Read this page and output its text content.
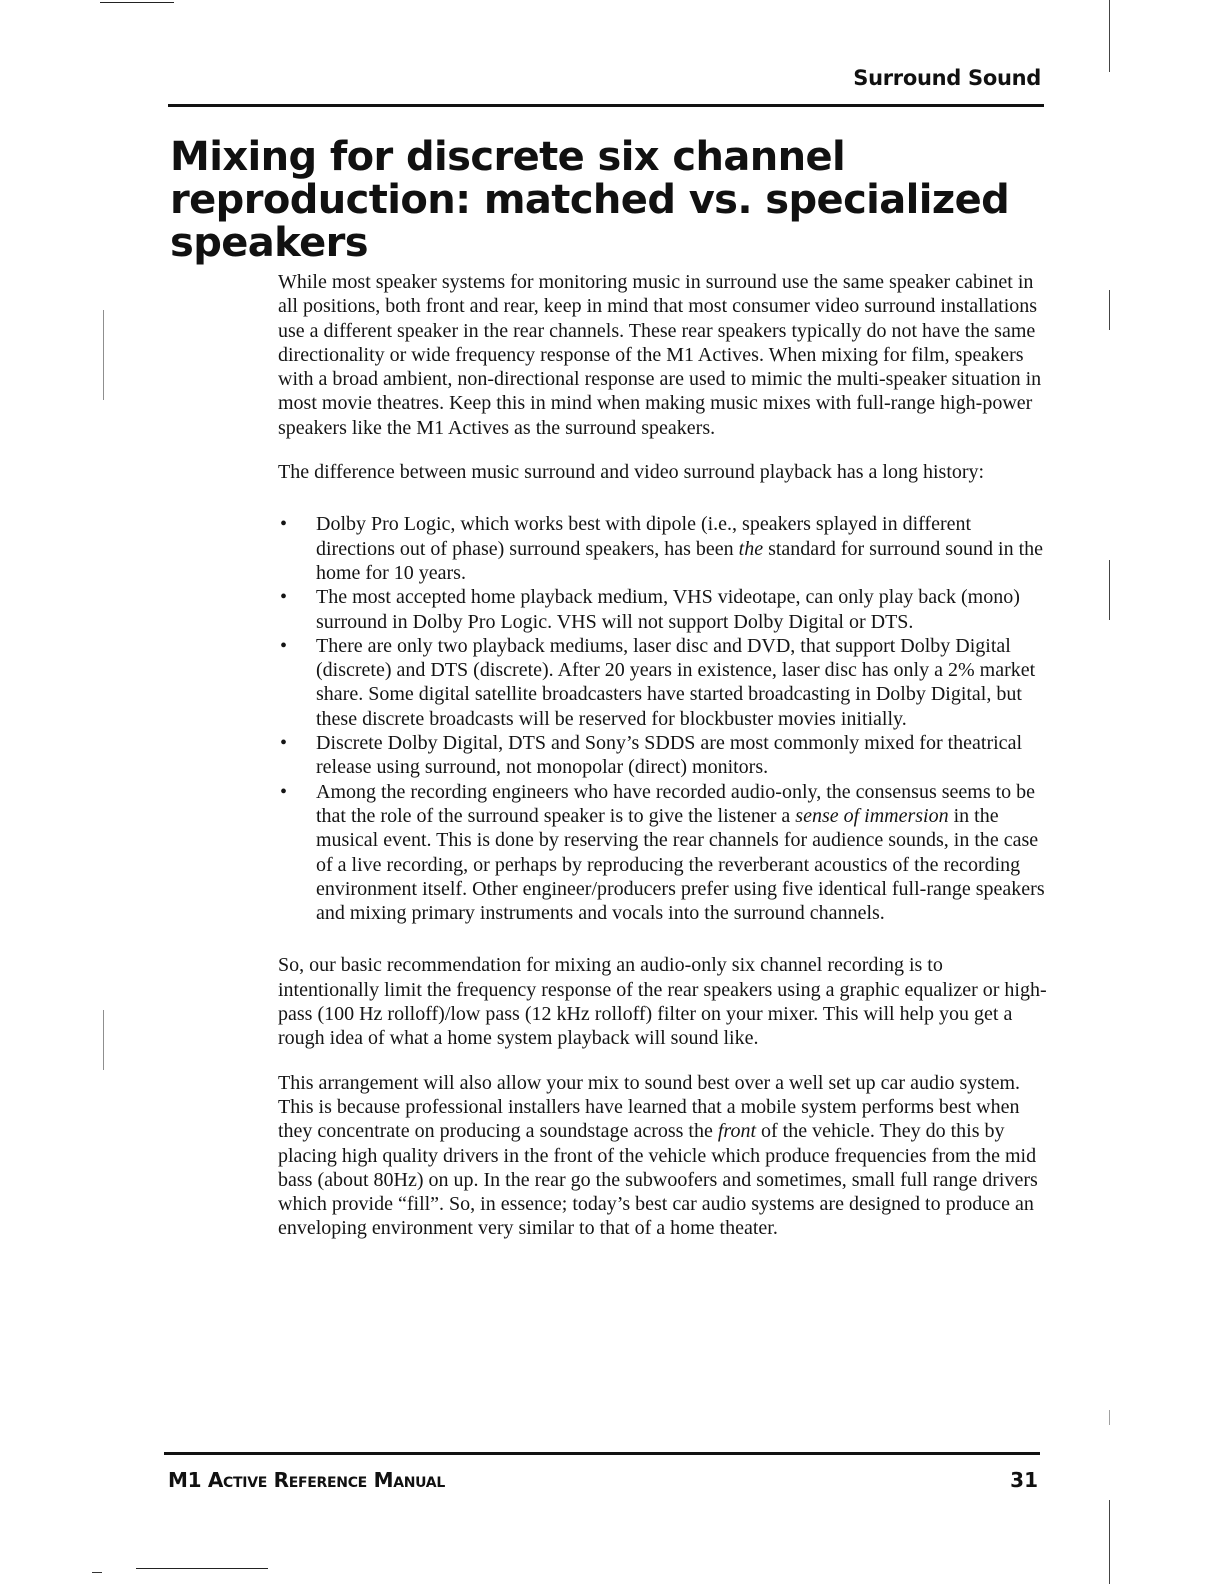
Surround Sound
Mixing for discrete six channel reproduction: matched vs. specialized speakers

While most speaker systems for monitoring music in surround use the same speaker cabinet in all positions, both front and rear, keep in mind that most consumer video surround installations use a different speaker in the rear channels. These rear speakers typically do not have the same directionality or wide frequency response of the M1 Actives. When mixing for film, speakers with a broad ambient, non-directional response are used to mimic the multi-speaker situation in most movie theatres. Keep this in mind when making music mixes with full-range high-power speakers like the M1 Actives as the surround speakers.

The difference between music surround and video surround playback has a long history:

• Dolby Pro Logic, which works best with dipole (i.e., speakers splayed in different directions out of phase) surround speakers, has been the standard for surround sound in the home for 10 years.
• The most accepted home playback medium, VHS videotape, can only play back (mono) surround in Dolby Pro Logic. VHS will not support Dolby Digital or DTS.
• There are only two playback mediums, laser disc and DVD, that support Dolby Digital (discrete) and DTS (discrete). After 20 years in existence, laser disc has only a 2% market share. Some digital satellite broadcasters have started broadcasting in Dolby Digital, but these discrete broadcasts will be reserved for blockbuster movies initially.
• Discrete Dolby Digital, DTS and Sony’s SDDS are most commonly mixed for theatrical release using surround, not monopolar (direct) monitors.
• Among the recording engineers who have recorded audio-only, the consensus seems to be that the role of the surround speaker is to give the listener a sense of immersion in the musical event. This is done by reserving the rear channels for audience sounds, in the case of a live recording, or perhaps by reproducing the reverberant acoustics of the recording environment itself. Other engineer/producers prefer using five identical full-range speakers and mixing primary instruments and vocals into the surround channels.

So, our basic recommendation for mixing an audio-only six channel recording is to intentionally limit the frequency response of the rear speakers using a graphic equalizer or high-pass (100 Hz rolloff)/low pass (12 kHz rolloff) filter on your mixer. This will help you get a rough idea of what a home system playback will sound like.

This arrangement will also allow your mix to sound best over a well set up car audio system. This is because professional installers have learned that a mobile system performs best when they concentrate on producing a soundstage across the front of the vehicle. They do this by placing high quality drivers in the front of the vehicle which produce frequencies from the mid bass (about 80Hz) on up. In the rear go the subwoofers and sometimes, small full range drivers which provide “fill”. So, in essence; today’s best car audio systems are designed to produce an enveloping environment very similar to that of a home theater.

M1 Active Reference Manual	31
